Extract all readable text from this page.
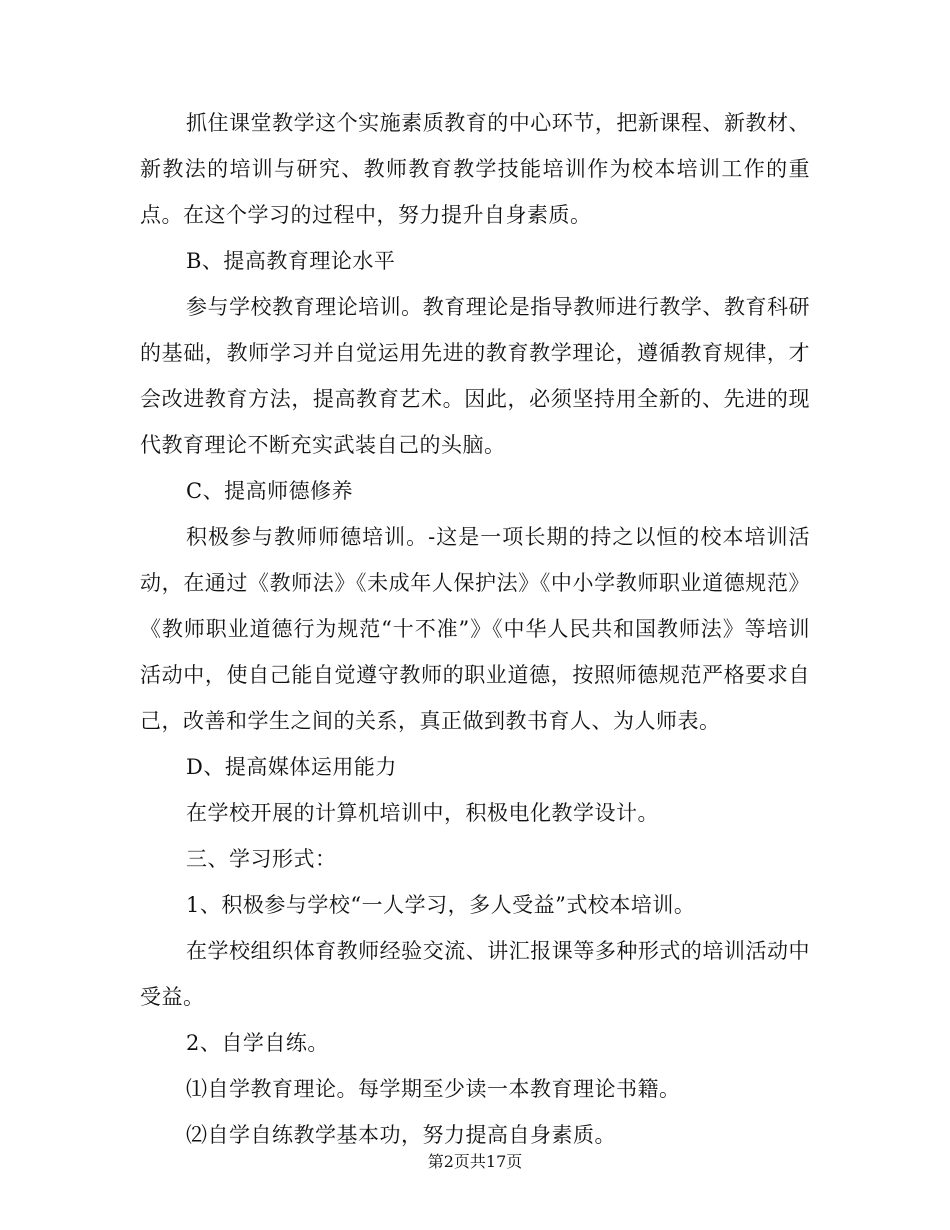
抓住课堂教学这个实施素质教育的中心环节，把新课程、新教材、新教法的培训与研究、教师教育教学技能培训作为校本培训工作的重点。在这个学习的过程中，努力提升自身素质。

B、提高教育理论水平

参与学校教育理论培训。教育理论是指导教师进行教学、教育科研的基础，教师学习并自觉运用先进的教育教学理论，遵循教育规律，才会改进教育方法，提高教育艺术。因此，必须坚持用全新的、先进的现代教育理论不断充实武装自己的头脑。

C、提高师德修养

积极参与教师师德培训。-这是一项长期的持之以恒的校本培训活动，在通过《教师法》《未成年人保护法》《中小学教师职业道德规范》《教师职业道德行为规范“十不准”》《中华人民共和国教师法》等培训活动中，使自己能自觉遵守教师的职业道德，按照师德规范严格要求自己，改善和学生之间的关系，真正做到教书育人、为人师表。

D、提高媒体运用能力

在学校开展的计算机培训中，积极电化教学设计。

三、学习形式：

1、积极参与学校“一人学习，多人受益”式校本培训。

在学校组织体育教师经验交流、讲汇报课等多种形式的培训活动中受益。

2、自学自练。

⑴自学教育理论。每学期至少读一本教育理论书籍。

⑵自学自练教学基本功，努力提高自身素质。

第2页共17页
